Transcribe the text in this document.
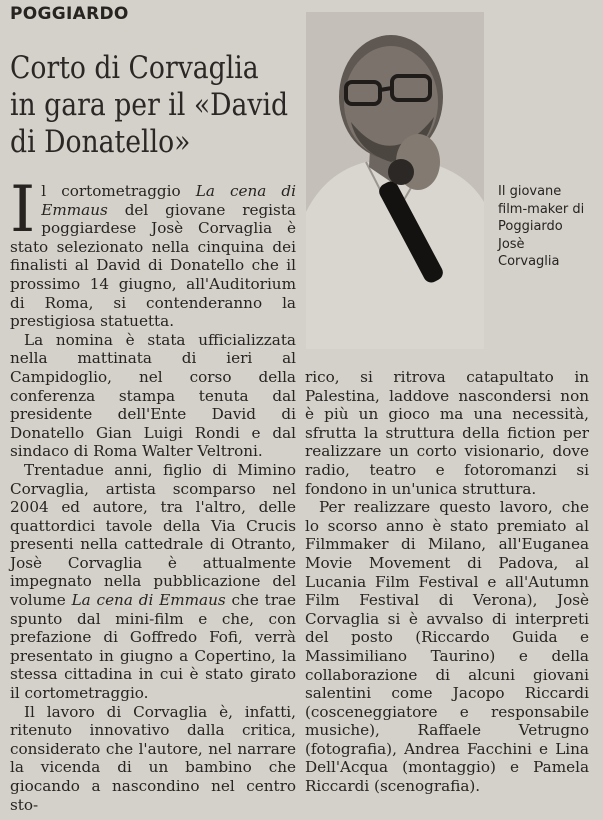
POGGIARDO
Corto di Corvaglia
in gara per il «David
di Donatello»
Il giovane
film-maker di
Poggiardo
Josè
Corvaglia

Il cortometraggio La cena di Emmaus del giovane regista poggiardese Josè Corvaglia è stato selezionato nella cinquina dei finalisti al David di Donatello che il prossimo 14 giugno, all'Auditorium di Roma, si contenderanno la prestigiosa statuetta.

La nomina è stata ufficializzata nella mattinata di ieri al Campidoglio, nel corso della conferenza stampa tenuta dal presidente dell'Ente David di Donatello Gian Luigi Rondi e dal sindaco di Roma Walter Veltroni.

Trentadue anni, figlio di Mimino Corvaglia, artista scomparso nel 2004 ed autore, tra l'altro, delle quattordici tavole della Via Crucis presenti nella cattedrale di Otranto, Josè Corvaglia è attualmente impegnato nella pubblicazione del volume La cena di Emmaus che trae spunto dal mini-film e che, con prefazione di Goffredo Fofi, verrà presentato in giugno a Copertino, la stessa cittadina in cui è stato girato il cortometraggio.

Il lavoro di Corvaglia è, infatti, ritenuto innovativo dalla critica, considerato che l'autore, nel narrare la vicenda di un bambino che giocando a nascondino nel centro sto-

rico, si ritrova catapultato in Palestina, laddove nascondersi non è più un gioco ma una necessità, sfrutta la struttura della fiction per realizzare un corto visionario, dove radio, teatro e fotoromanzi si fondono in un'unica struttura.

Per realizzare questo lavoro, che lo scorso anno è stato premiato al Filmmaker di Milano, all'Euganea Movie Movement di Padova, al Lucania Film Festival e all'Autumn Film Festival di Verona), Josè Corvaglia si è avvalso di interpreti del posto (Riccardo Guida e Massimiliano Taurino) e della collaborazione di alcuni giovani salentini come Jacopo Riccardi (cosceneggiatore e responsabile musiche), Raffaele Vetrugno (fotografia), Andrea Facchini e Lina Dell'Acqua (montaggio) e Pamela Riccardi (scenografia).
